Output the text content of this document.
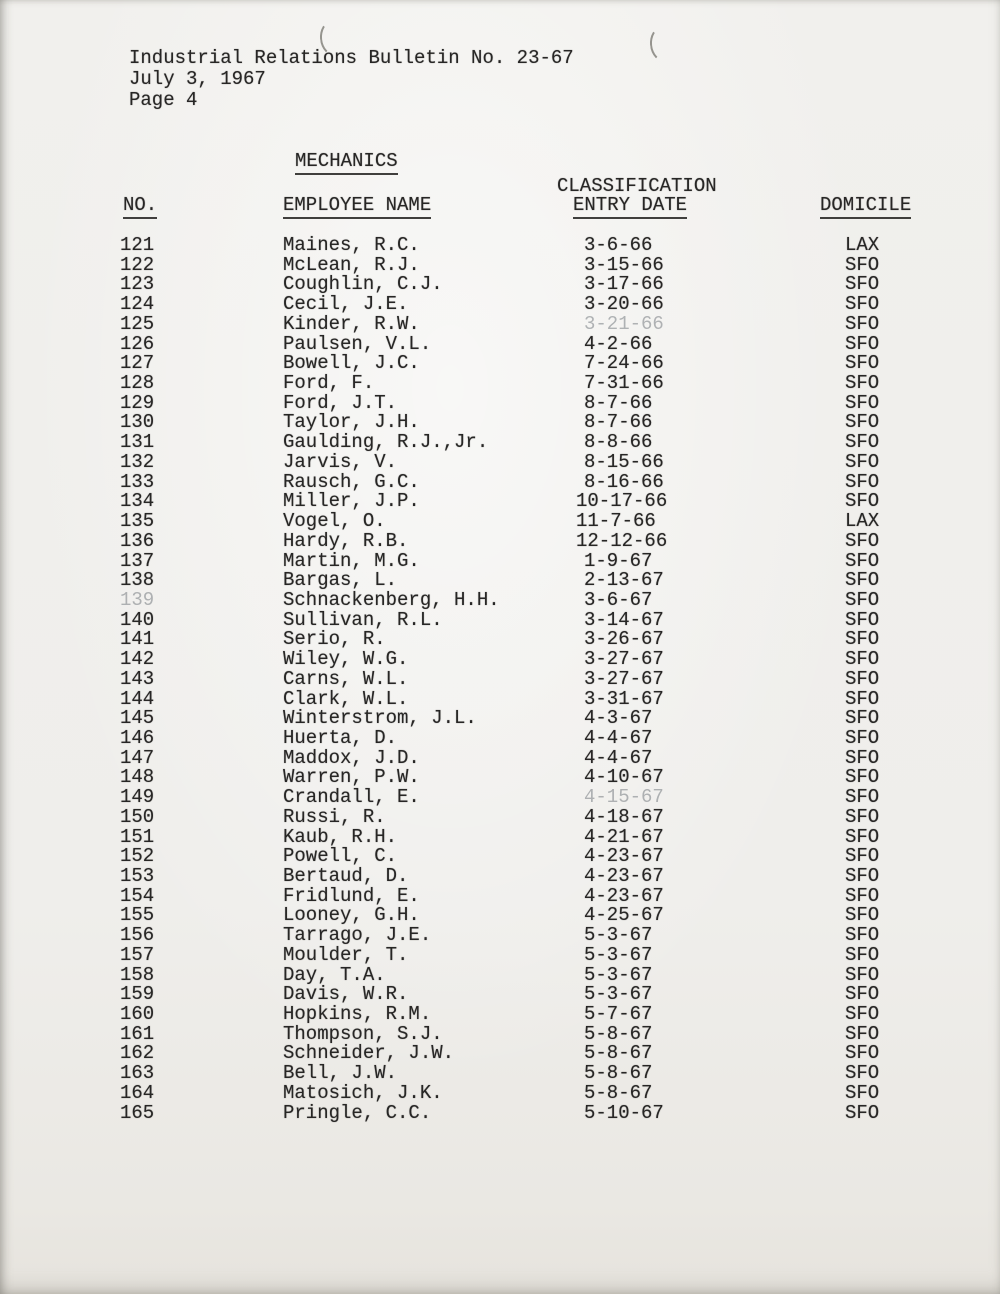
Industrial Relations Bulletin No. 23-67
July 3, 1967
Page 4
MECHANICS
CLASSIFICATION
NO.	EMPLOYEE NAME	ENTRY DATE	DOMICILE
121	Maines, R.C.	3-6-66	LAX
122	McLean, R.J.	3-15-66	SFO
123	Coughlin, C.J.	3-17-66	SFO
124	Cecil, J.E.	3-20-66	SFO
125	Kinder, R.W.	3-21-66	SFO
126	Paulsen, V.L.	4-2-66	SFO
127	Bowell, J.C.	7-24-66	SFO
128	Ford, F.	7-31-66	SFO
129	Ford, J.T.	8-7-66	SFO
130	Taylor, J.H.	8-7-66	SFO
131	Gaulding, R.J.,Jr.	8-8-66	SFO
132	Jarvis, V.	8-15-66	SFO
133	Rausch, G.C.	8-16-66	SFO
134	Miller, J.P.	10-17-66	SFO
135	Vogel, O.	11-7-66	LAX
136	Hardy, R.B.	12-12-66	SFO
137	Martin, M.G.	1-9-67	SFO
138	Bargas, L.	2-13-67	SFO
139	Schnackenberg, H.H.	3-6-67	SFO
140	Sullivan, R.L.	3-14-67	SFO
141	Serio, R.	3-26-67	SFO
142	Wiley, W.G.	3-27-67	SFO
143	Carns, W.L.	3-27-67	SFO
144	Clark, W.L.	3-31-67	SFO
145	Winterstrom, J.L.	4-3-67	SFO
146	Huerta, D.	4-4-67	SFO
147	Maddox, J.D.	4-4-67	SFO
148	Warren, P.W.	4-10-67	SFO
149	Crandall, E.	4-15-67	SFO
150	Russi, R.	4-18-67	SFO
151	Kaub, R.H.	4-21-67	SFO
152	Powell, C.	4-23-67	SFO
153	Bertaud, D.	4-23-67	SFO
154	Fridlund, E.	4-23-67	SFO
155	Looney, G.H.	4-25-67	SFO
156	Tarrago, J.E.	5-3-67	SFO
157	Moulder, T.	5-3-67	SFO
158	Day, T.A.	5-3-67	SFO
159	Davis, W.R.	5-3-67	SFO
160	Hopkins, R.M.	5-7-67	SFO
161	Thompson, S.J.	5-8-67	SFO
162	Schneider, J.W.	5-8-67	SFO
163	Bell, J.W.	5-8-67	SFO
164	Matosich, J.K.	5-8-67	SFO
165	Pringle, C.C.	5-10-67	SFO
